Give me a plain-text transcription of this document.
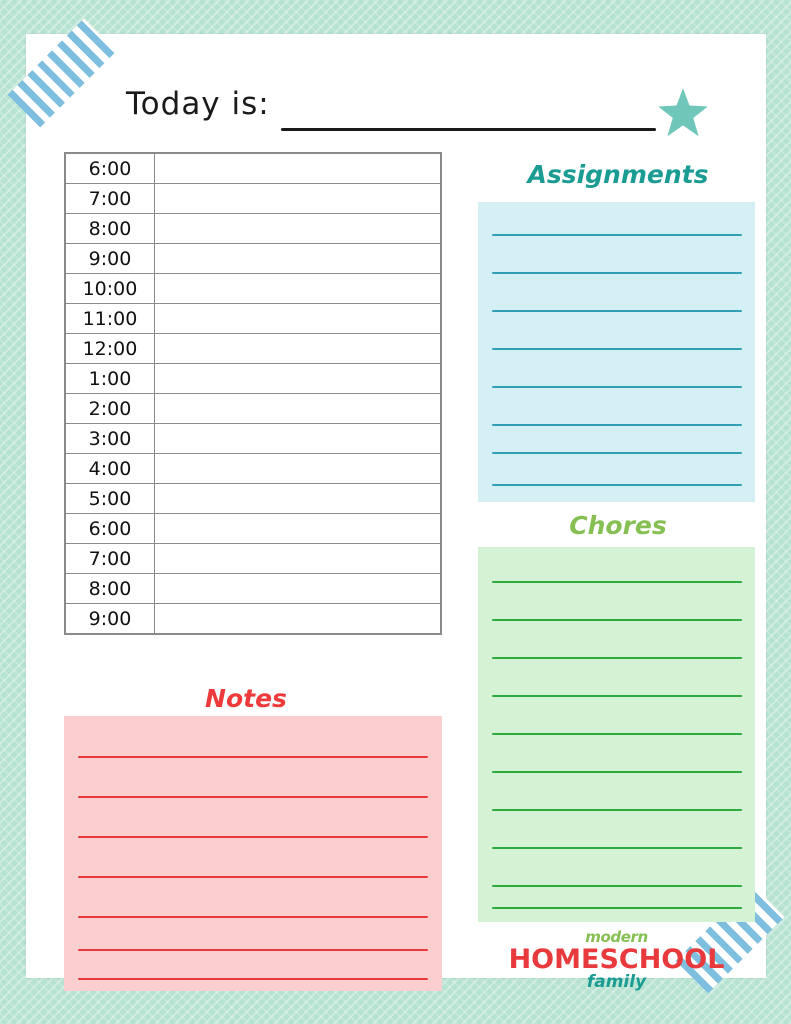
Today is:
6:00	
7:00	
8:00	
9:00	
10:00	
11:00	
12:00	
1:00	
2:00	
3:00	
4:00	
5:00	
6:00	
7:00	
8:00	
9:00	
Assignments
Chores
Notes
modern
HOMESCHOOL
family
